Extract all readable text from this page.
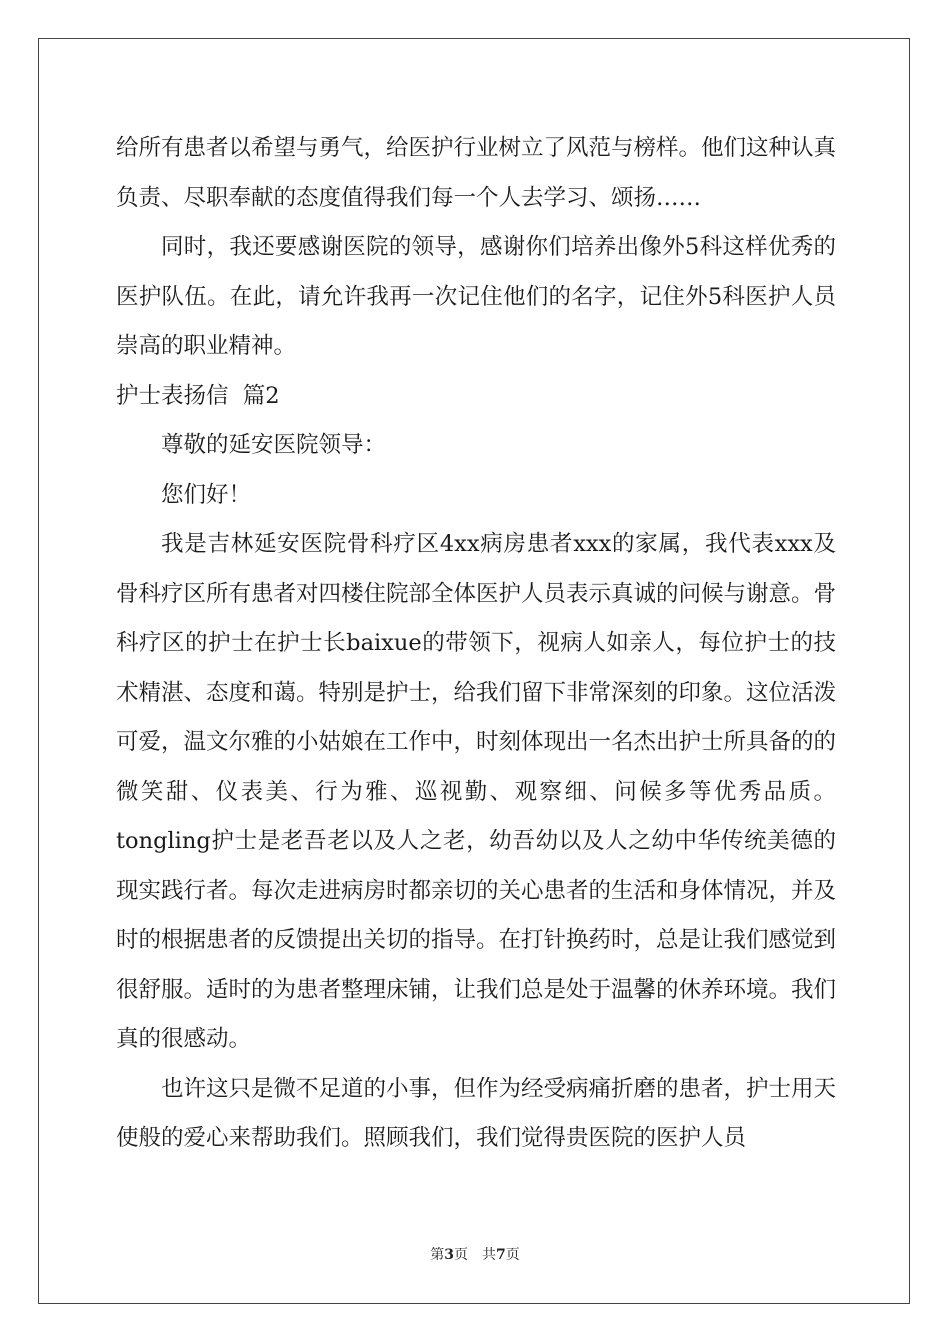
给所有患者以希望与勇气，给医护行业树立了风范与榜样。他们这种认真负责、尽职奉献的态度值得我们每一个人去学习、颂扬……

同时，我还要感谢医院的领导，感谢你们培养出像外5科这样优秀的医护队伍。在此，请允许我再一次记住他们的名字，记住外5科医护人员崇高的职业精神。

护士表扬信  篇2

尊敬的延安医院领导：

您们好！

我是吉林延安医院骨科疗区4xx病房患者xxx的家属，我代表xxx及骨科疗区所有患者对四楼住院部全体医护人员表示真诚的问候与谢意。骨科疗区的护士在护士长baixue的带领下，视病人如亲人，每位护士的技术精湛、态度和蔼。特别是护士，给我们留下非常深刻的印象。这位活泼可爱，温文尔雅的小姑娘在工作中，时刻体现出一名杰出护士所具备的的微笑甜、仪表美、行为雅、巡视勤、观察细、问候多等优秀品质。tongling护士是老吾老以及人之老，幼吾幼以及人之幼中华传统美德的现实践行者。每次走进病房时都亲切的关心患者的生活和身体情况，并及时的根据患者的反馈提出关切的指导。在打针换药时，总是让我们感觉到很舒服。适时的为患者整理床铺，让我们总是处于温馨的休养环境。我们真的很感动。

也许这只是微不足道的小事，但作为经受病痛折磨的患者，护士用天使般的爱心来帮助我们。照顾我们，我们觉得贵医院的医护人员

第3页 共7页
